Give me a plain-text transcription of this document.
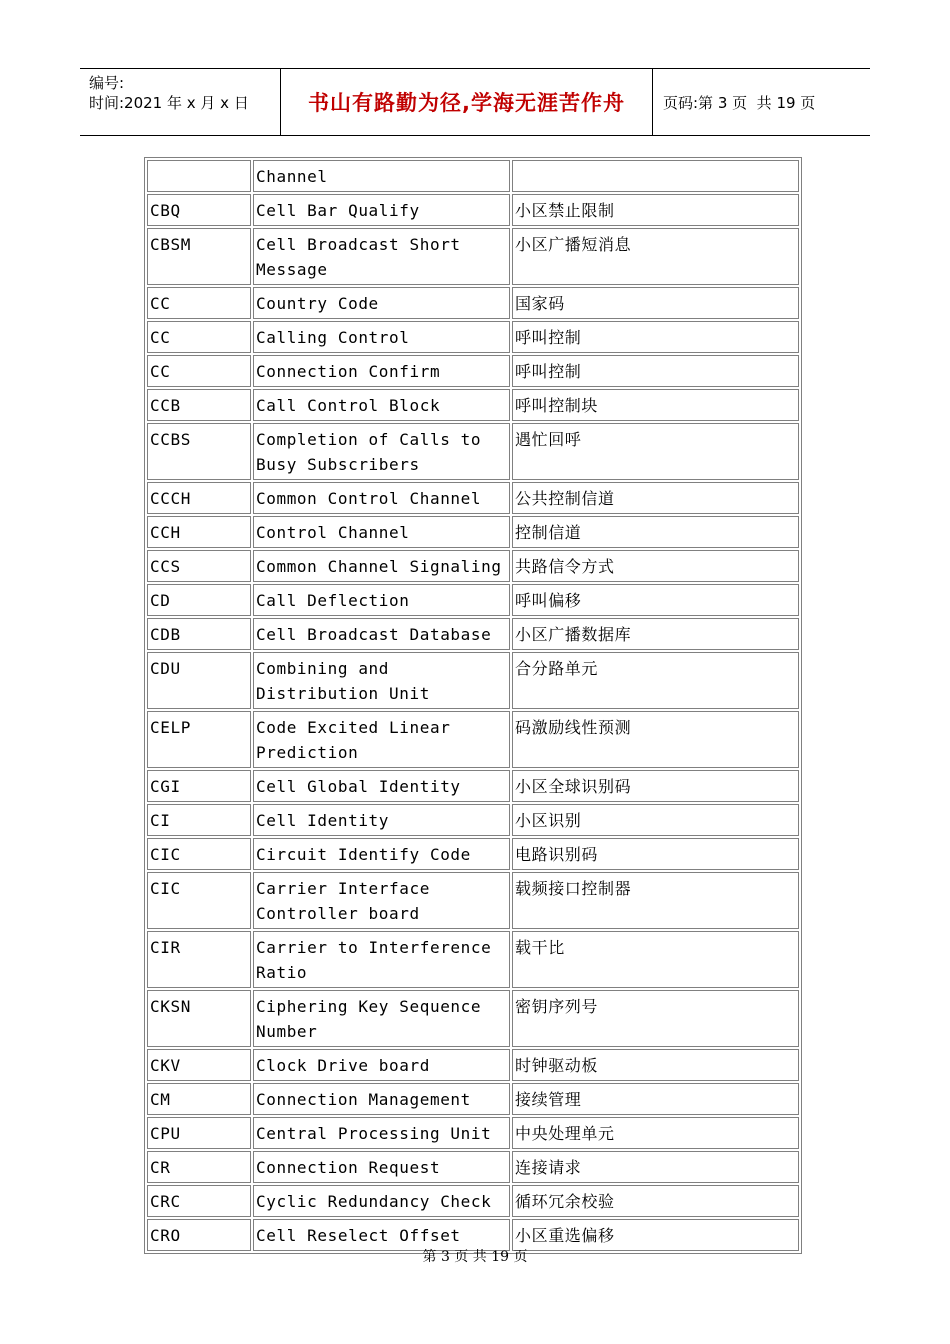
编号:
时间:2021 年 x 月 x 日	书山有路勤为径,学海无涯苦作舟	页码:第 3 页  共 19 页
	Channel	
CBQ	Cell Bar Qualify	小区禁止限制
CBSM	Cell Broadcast Short Message	小区广播短消息
CC	Country Code	国家码
CC	Calling Control	呼叫控制
CC	Connection Confirm	呼叫控制
CCB	Call Control Block	呼叫控制块
CCBS	Completion of Calls to Busy Subscribers	遇忙回呼
CCCH	Common Control Channel	公共控制信道
CCH	Control Channel	控制信道
CCS	Common Channel Signaling	共路信令方式
CD	Call Deflection	呼叫偏移
CDB	Cell Broadcast Database	小区广播数据库
CDU	Combining and Distribution Unit	合分路单元
CELP	Code Excited Linear Prediction	码激励线性预测
CGI	Cell Global Identity	小区全球识别码
CI	Cell Identity	小区识别
CIC	Circuit Identify Code	电路识别码
CIC	Carrier Interface Controller board	载频接口控制器
CIR	Carrier to Interference Ratio	载干比
CKSN	Ciphering Key Sequence Number	密钥序列号
CKV	Clock Drive board	时钟驱动板
CM	Connection Management	接续管理
CPU	Central Processing Unit	中央处理单元
CR	Connection Request	连接请求
CRC	Cyclic Redundancy Check	循环冗余校验
CRO	Cell Reselect Offset	小区重选偏移
第 3 页 共 19 页
